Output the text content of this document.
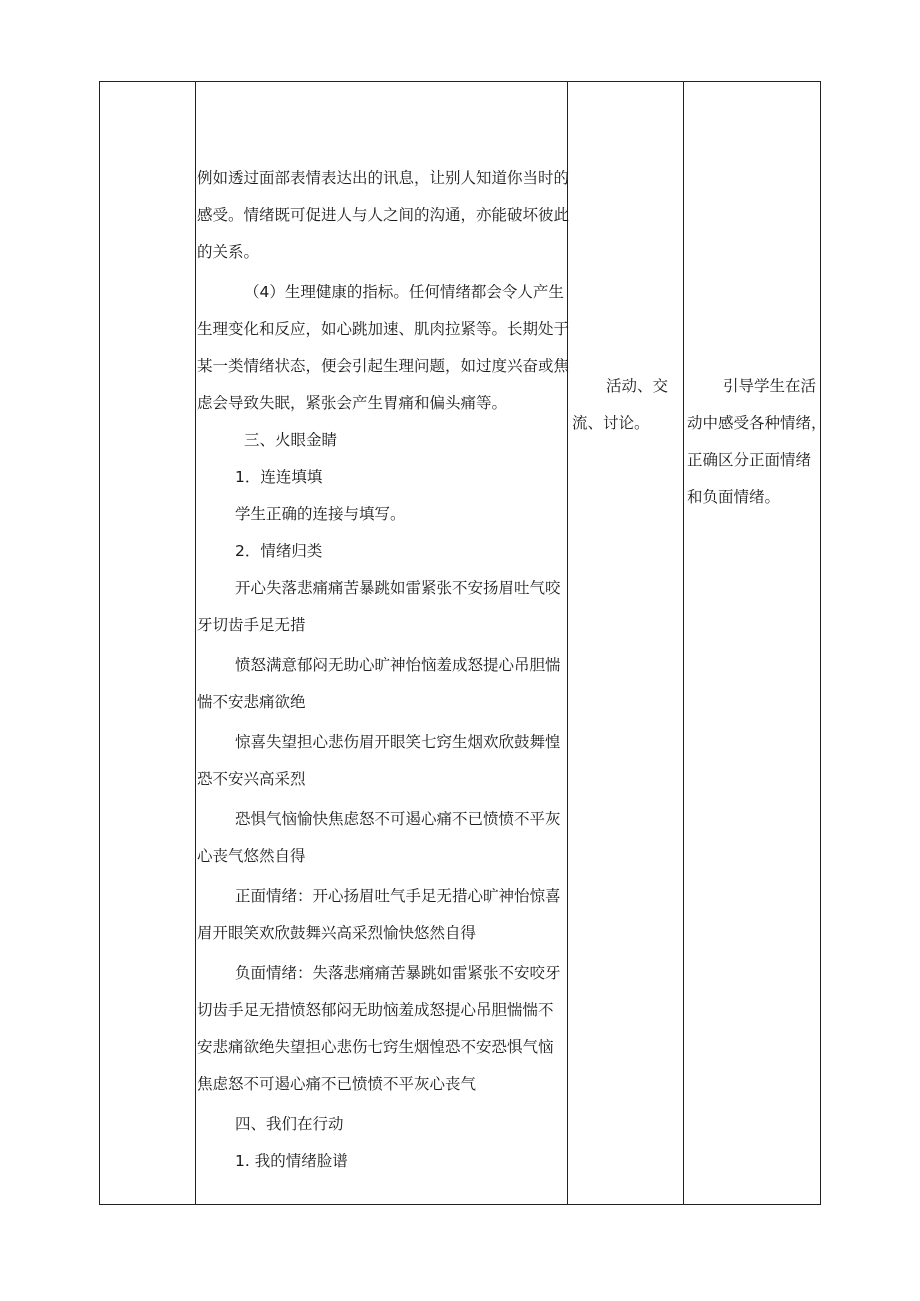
例如透过面部表情表达出的讯息，让别人知道你当时的
感受。情绪既可促进人与人之间的沟通，亦能破坏彼此
的关系。
（4）生理健康的指标。任何情绪都会令人产生
生理变化和反应，如心跳加速、肌肉拉紧等。长期处于
某一类情绪状态，便会引起生理问题，如过度兴奋或焦
虑会导致失眠，紧张会产生胃痛和偏头痛等。
三、火眼金睛
1．连连填填
学生正确的连接与填写。
2．情绪归类
开心失落悲痛痛苦暴跳如雷紧张不安扬眉吐气咬
牙切齿手足无措
愤怒满意郁闷无助心旷神怡恼羞成怒提心吊胆惴
惴不安悲痛欲绝
惊喜失望担心悲伤眉开眼笑七窍生烟欢欣鼓舞惶
恐不安兴高采烈
恐惧气恼愉快焦虑怒不可遏心痛不已愤愤不平灰
心丧气悠然自得
正面情绪：开心扬眉吐气手足无措心旷神怡惊喜
眉开眼笑欢欣鼓舞兴高采烈愉快悠然自得
负面情绪：失落悲痛痛苦暴跳如雷紧张不安咬牙
切齿手足无措愤怒郁闷无助恼羞成怒提心吊胆惴惴不
安悲痛欲绝失望担心悲伤七窍生烟惶恐不安恐惧气恼
焦虑怒不可遏心痛不已愤愤不平灰心丧气
四、我们在行动
1. 我的情绪脸谱
活动、交
流、讨论。
引导学生在活
动中感受各种情绪，
正确区分正面情绪
和负面情绪。
